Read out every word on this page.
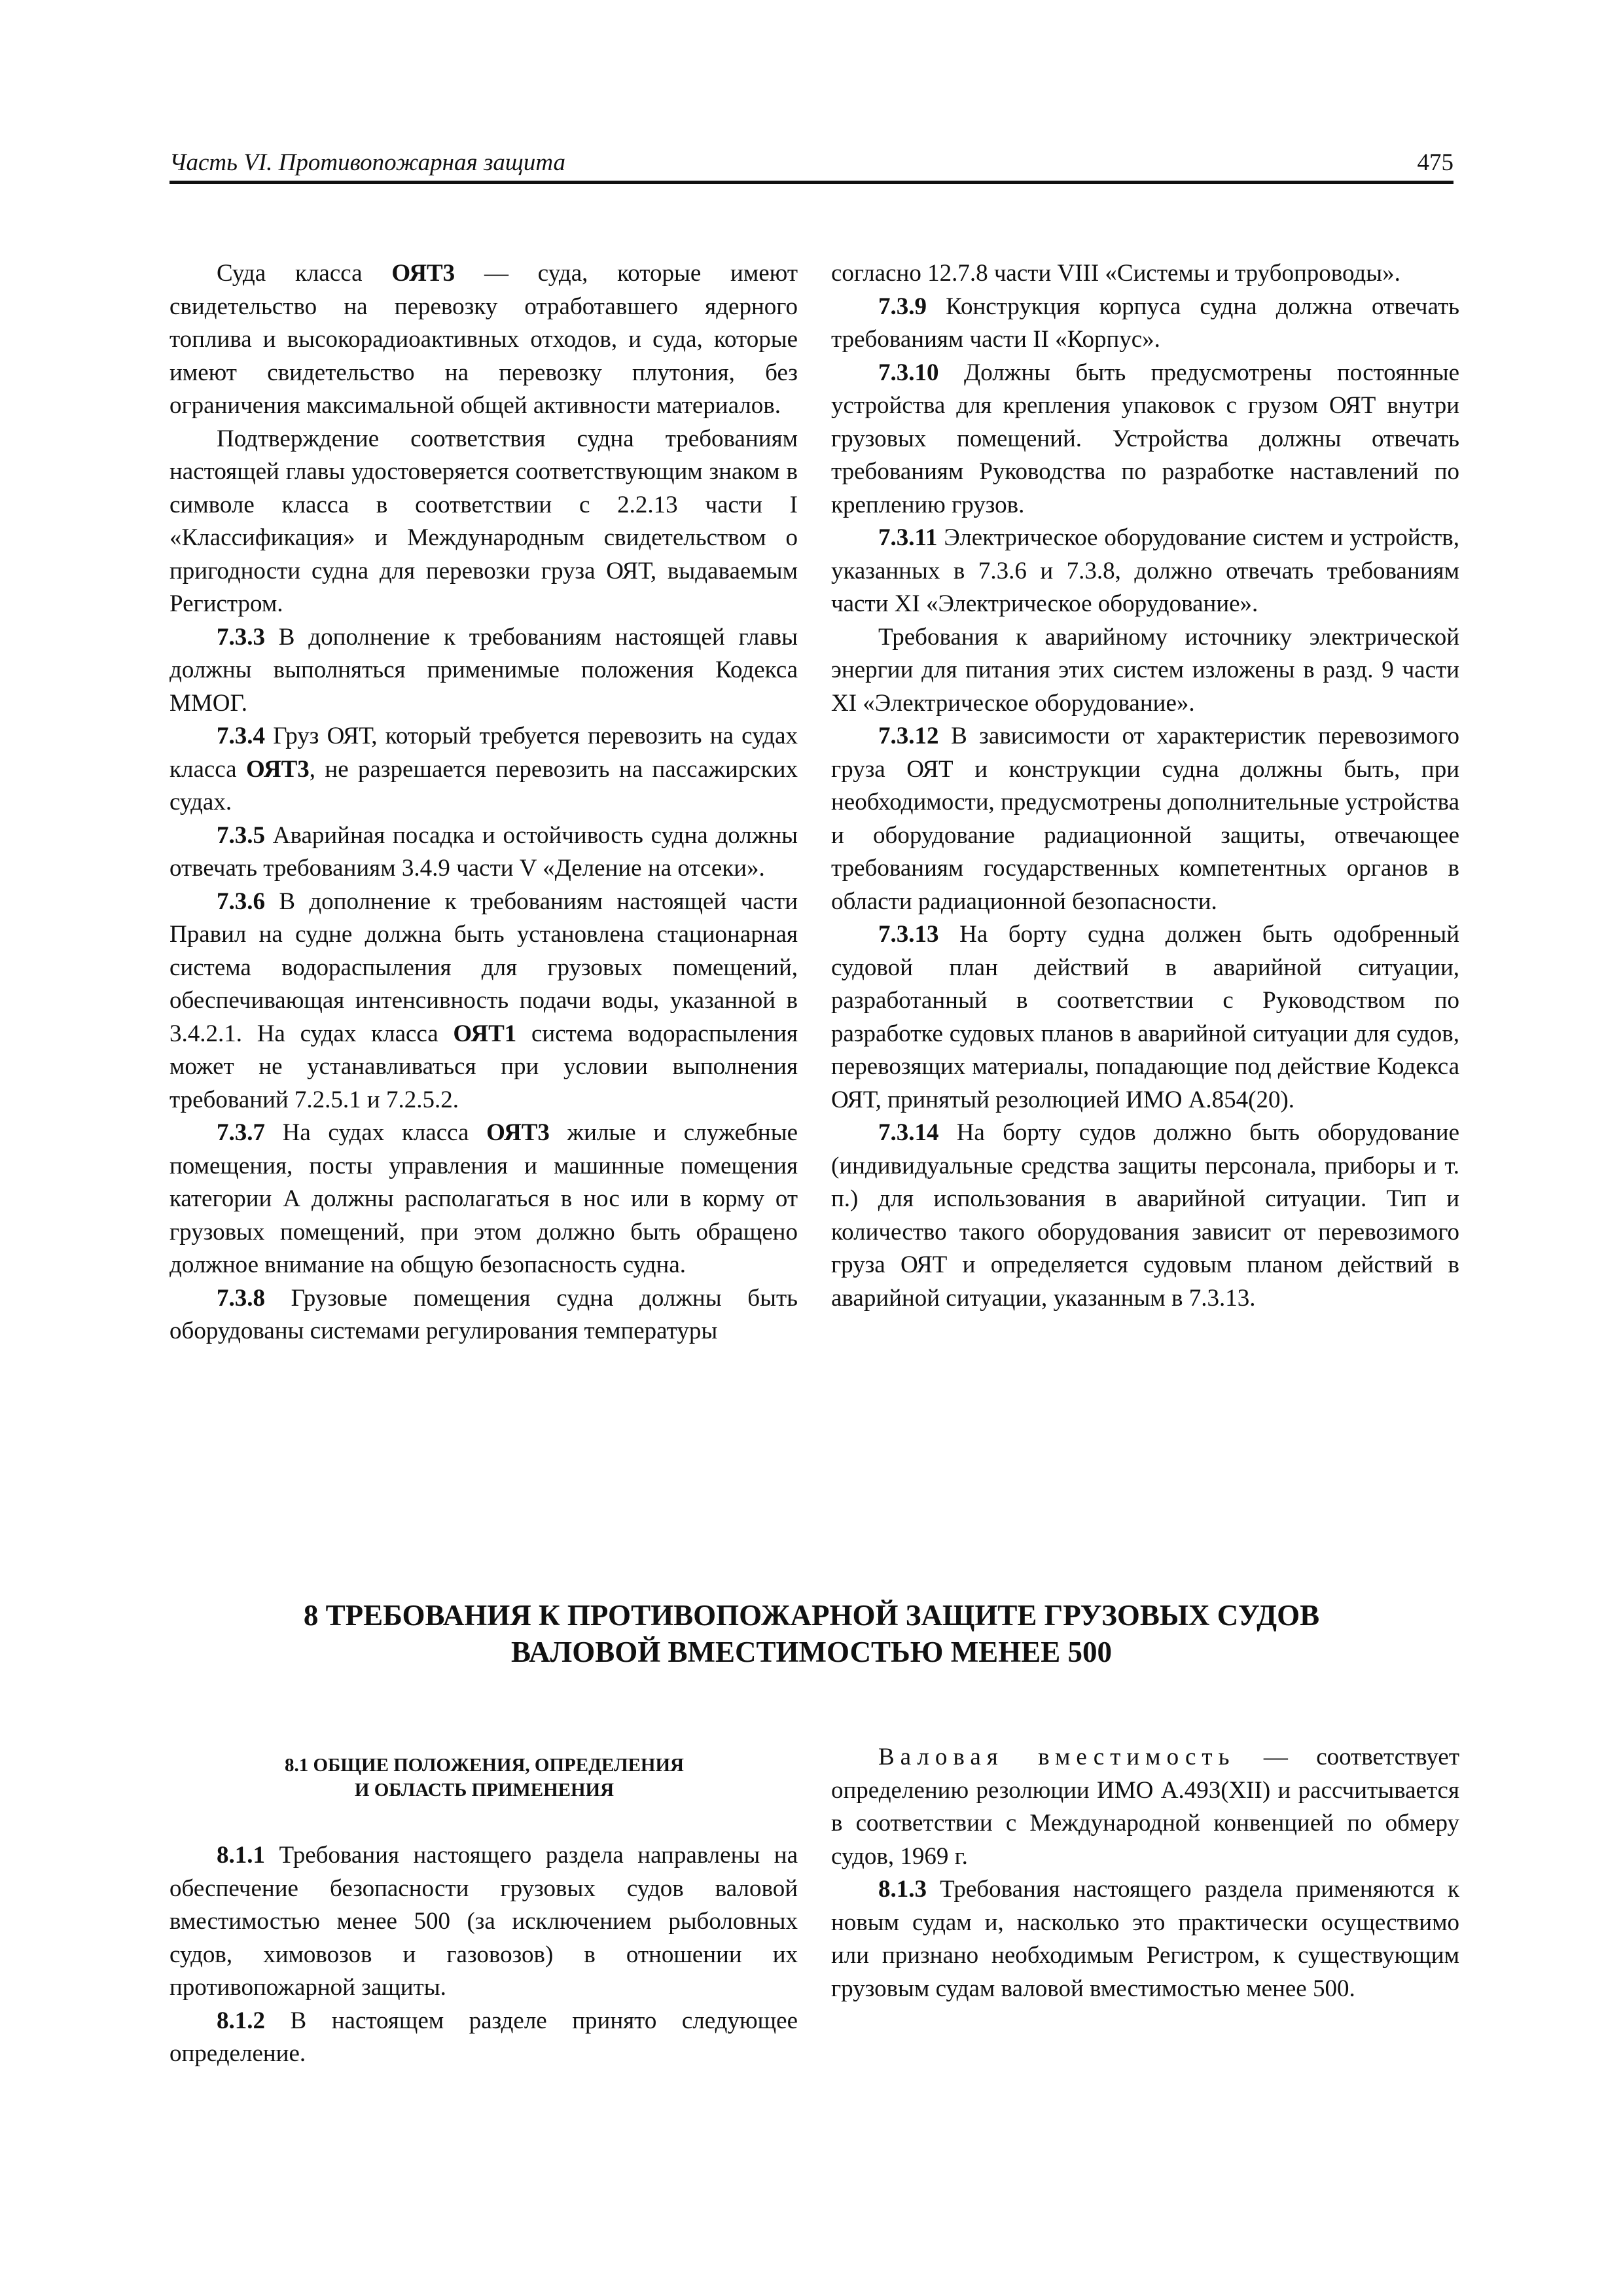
Часть VI. Противопожарная защита	475

Суда класса ОЯТ3 — суда, которые имеют свидетельство на перевозку отработавшего ядерного топлива и высокорадиоактивных отходов, и суда, которые имеют свидетельство на перевозку плутония, без ограничения максимальной общей активности материалов.

Подтверждение соответствия судна требованиям настоящей главы удостоверяется соответствующим знаком в символе класса в соответствии с 2.2.13 части I «Классификация» и Международным свидетельством о пригодности судна для перевозки груза ОЯТ, выдаваемым Регистром.

7.3.3 В дополнение к требованиям настоящей главы должны выполняться применимые положения Кодекса ММОГ.

7.3.4 Груз ОЯТ, который требуется перевозить на судах класса ОЯТ3, не разрешается перевозить на пассажирских судах.

7.3.5 Аварийная посадка и остойчивость судна должны отвечать требованиям 3.4.9 части V «Деление на отсеки».

7.3.6 В дополнение к требованиям настоящей части Правил на судне должна быть установлена стационарная система водораспыления для грузовых помещений, обеспечивающая интенсивность подачи воды, указанной в 3.4.2.1. На судах класса ОЯТ1 система водораспыления может не устанавливаться при условии выполнения требований 7.2.5.1 и 7.2.5.2.

7.3.7 На судах класса ОЯТ3 жилые и служебные помещения, посты управления и машинные помещения категории А должны располагаться в нос или в корму от грузовых помещений, при этом должно быть обращено должное внимание на общую безопасность судна.

7.3.8 Грузовые помещения судна должны быть оборудованы системами регулирования температуры

согласно 12.7.8 части VIII «Системы и трубопроводы».

7.3.9 Конструкция корпуса судна должна отвечать требованиям части II «Корпус».

7.3.10 Должны быть предусмотрены постоянные устройства для крепления упаковок с грузом ОЯТ внутри грузовых помещений. Устройства должны отвечать требованиям Руководства по разработке наставлений по креплению грузов.

7.3.11 Электрическое оборудование систем и устройств, указанных в 7.3.6 и 7.3.8, должно отвечать требованиям части XI «Электрическое оборудование».

Требования к аварийному источнику электрической энергии для питания этих систем изложены в разд. 9 части XI «Электрическое оборудование».

7.3.12 В зависимости от характеристик перевозимого груза ОЯТ и конструкции судна должны быть, при необходимости, предусмотрены дополнительные устройства и оборудование радиационной защиты, отвечающее требованиям государственных компетентных органов в области радиационной безопасности.

7.3.13 На борту судна должен быть одобренный судовой план действий в аварийной ситуации, разработанный в соответствии с Руководством по разработке судовых планов в аварийной ситуации для судов, перевозящих материалы, попадающие под действие Кодекса ОЯТ, принятый резолюцией ИМО А.854(20).

7.3.14 На борту судов должно быть оборудование (индивидуальные средства защиты персонала, приборы и т. п.) для использования в аварийной ситуации. Тип и количество такого оборудования зависит от перевозимого груза ОЯТ и определяется судовым планом действий в аварийной ситуации, указанным в 7.3.13.

8 ТРЕБОВАНИЯ К ПРОТИВОПОЖАРНОЙ ЗАЩИТЕ ГРУЗОВЫХ СУДОВ
ВАЛОВОЙ ВМЕСТИМОСТЬЮ МЕНЕЕ 500
8.1 ОБЩИЕ ПОЛОЖЕНИЯ, ОПРЕДЕЛЕНИЯ
И ОБЛАСТЬ ПРИМЕНЕНИЯ

8.1.1 Требования настоящего раздела направлены на обеспечение безопасности грузовых судов валовой вместимостью менее 500 (за исключением рыболовных судов, химовозов и газовозов) в отношении их противопожарной защиты.

8.1.2 В настоящем разделе принято следующее определение.

Валовая вместимость — соответствует определению резолюции ИМО А.493(XII) и рассчитывается в соответствии с Международной конвенцией по обмеру судов, 1969 г.

8.1.3 Требования настоящего раздела применяются к новым судам и, насколько это практически осуществимо или признано необходимым Регистром, к существующим грузовым судам валовой вместимостью менее 500.
